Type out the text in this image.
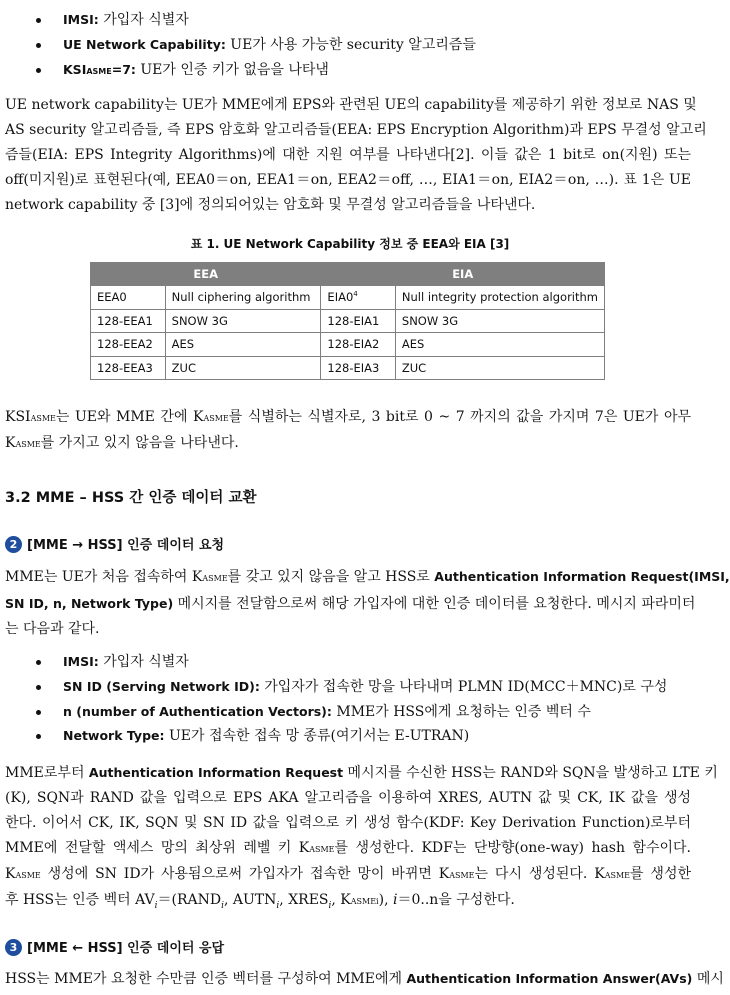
IMSI: 가입자 식별자
UE Network Capability: UE가 사용 가능한 security 알고리즘들
KSIASME=7: UE가 인증 키가 없음을 나타냄
UE network capability는 UE가 MME에게 EPS와 관련된 UE의 capability를 제공하기 위한 정보로 NAS 및
AS security 알고리즘들, 즉 EPS 암호화 알고리즘들(EEA: EPS Encryption Algorithm)과 EPS 무결성 알고리
즘들(EIA: EPS Integrity Algorithms)에 대한 지원 여부를 나타낸다[2]. 이들 값은 1 bit로 on(지원) 또는
off(미지원)로 표현된다(예, EEA0＝on, EEA1＝on, EEA2＝off, …, EIA1＝on, EIA2＝on, …). 표 1은 UE
network capability 중 [3]에 정의되어있는 암호화 및 무결성 알고리즘들을 나타낸다.
표 1. UE Network Capability 정보 중 EEA와 EIA [3]
EEA		EIA	
EEA0	Null ciphering algorithm	$EIA0^4$	Null integrity protection algorithm
128-EEA1	SNOW 3G	128-EIA1	SNOW 3G
128-EEA2	AES	128-EIA2	AES
128-EEA3	ZUC	128-EIA3	ZUC
KSIASME는 UE와 MME 간에 KASME를 식별하는 식별자로, 3 bit로 0 ~ 7 까지의 값을 가지며 7은 UE가 아무
KASME를 가지고 있지 않음을 나타낸다.
3.2 MME – HSS 간 인증 데이터 교환
2 [MME → HSS] 인증 데이터 요청
MME는 UE가 처음 접속하여 KASME를 갖고 있지 않음을 알고 HSS로 Authentication Information Request(IMSI,
SN ID, n, Network Type) 메시지를 전달함으로써 해당 가입자에 대한 인증 데이터를 요청한다. 메시지 파라미터
는 다음과 같다.
IMSI: 가입자 식별자
SN ID (Serving Network ID): 가입자가 접속한 망을 나타내며 PLMN ID(MCC＋MNC)로 구성
n (number of Authentication Vectors): MME가 HSS에게 요청하는 인증 벡터 수
Network Type: UE가 접속한 접속 망 종류(여기서는 E-UTRAN)
MME로부터 Authentication Information Request 메시지를 수신한 HSS는 RAND와 SQN을 발생하고 LTE 키
(K), SQN과 RAND 값을 입력으로 EPS AKA 알고리즘을 이용하여 XRES, AUTN 값 및 CK, IK 값을 생성
한다. 이어서 CK, IK, SQN 및 SN ID 값을 입력으로 키 생성 함수(KDF: Key Derivation Function)로부터
MME에 전달할 액세스 망의 최상위 레벨 키 KASME를 생성한다. KDF는 단방향(one-way) hash 함수이다.
KASME 생성에 SN ID가 사용됨으로써 가입자가 접속한 망이 바뀌면 KASME는 다시 생성된다. KASME를 생성한
후 HSS는 인증 벡터 $AV_i=(RAND_i$, $AUTN_i$, $XRES_i$, KASMEi), i＝0..n을 구성한다.
3 [MME ← HSS] 인증 데이터 응답
HSS는 MME가 요청한 수만큼 인증 벡터를 구성하여 MME에게 Authentication Information Answer(AVs) 메시
